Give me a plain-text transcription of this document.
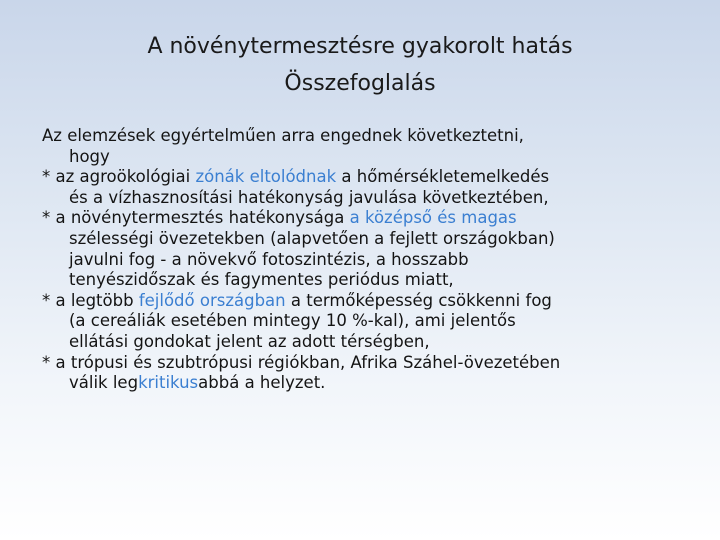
A növénytermesztésre gyakorolt hatás
Összefoglalás
Az elemzések egyértelműen arra engednek következtetni,
hogy
* az agroökológiai zónák eltolódnak a hőmérsékletemelkedés
és a vízhasznosítási hatékonyság javulása következtében,
* a növénytermesztés hatékonysága a középső és magas
szélességi övezetekben (alapvetően a fejlett országokban)
javulni fog - a növekvő fotoszintézis, a hosszabb
tenyészidőszak és fagymentes periódus miatt,
* a legtöbb fejlődő országban a termőképesség csökkenni fog
(a cereáliák esetében mintegy 10 %-kal), ami jelentős
ellátási gondokat jelent az adott térségben,
* a trópusi és szubtrópusi régiókban, Afrika Száhel-övezetében
válik legkritikusabbá a helyzet.
